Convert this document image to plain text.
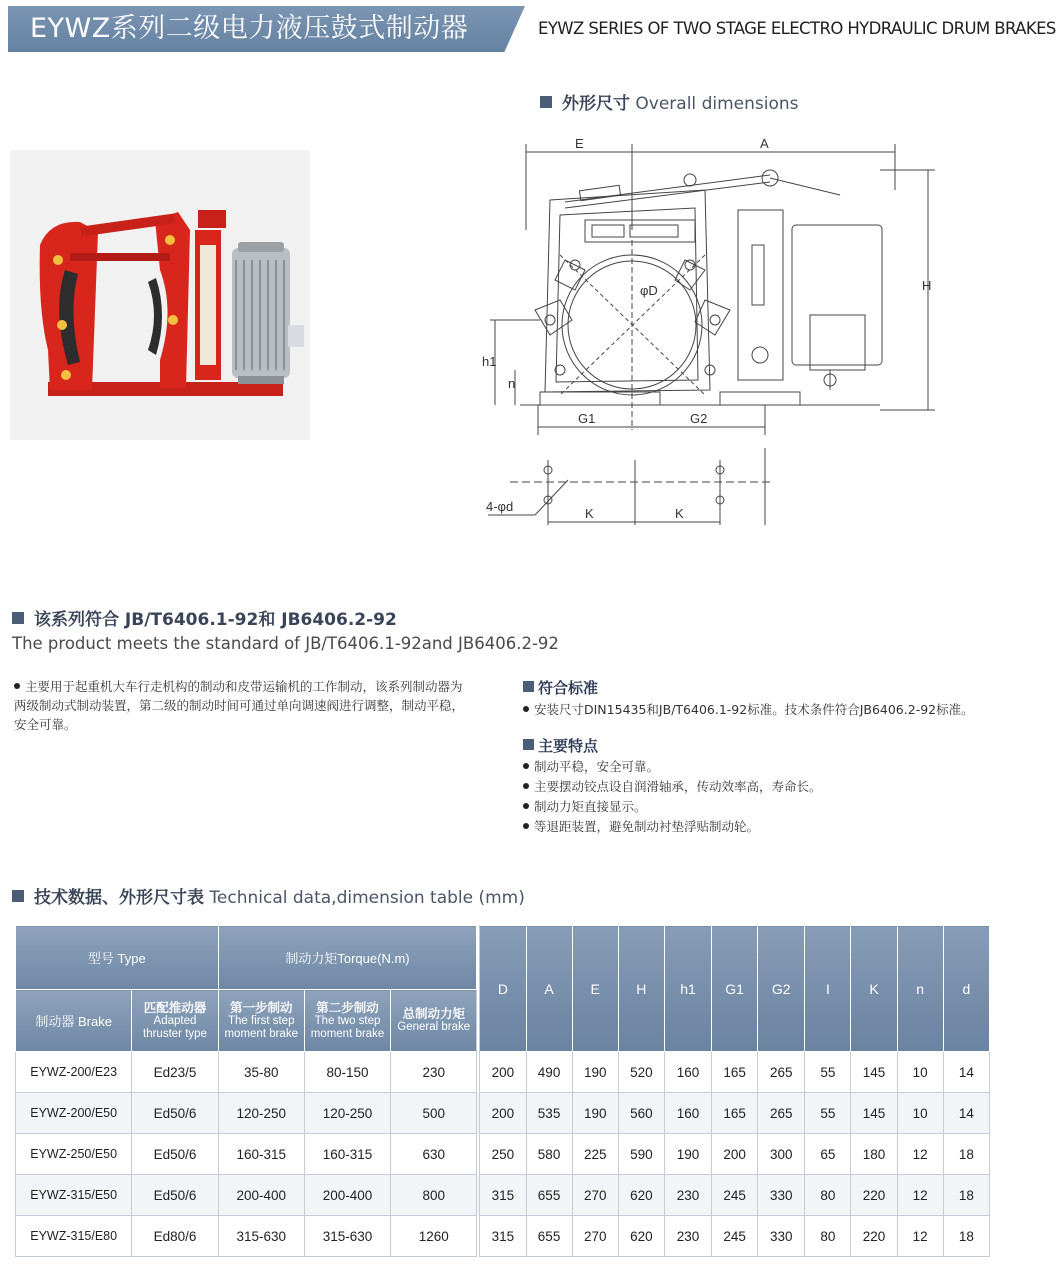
EYWZ系列二级电力液压鼓式制动器	EYWZ SERIES OF TWO STAGE ELECTRO HYDRAULIC DRUM BRAKES
外形尺寸 Overall dimensions
E	A
H
h1
n
G1	G2
φD
K	K
4-φd
该系列符合 JB/T6406.1-92和 JB6406.2-92
The product meets the standard of JB/T6406.1-92and JB6406.2-92
主要用于起重机大车行走机构的制动和皮带运输机的工作制动，该系列制动器为两级制动式制动装置，第二级的制动时间可通过单向调速阀进行调整，制动平稳，安全可靠。
符合标准
安装尺寸DIN15435和JB/T6406.1-92标准。技术条件符合JB6406.2-92标准。
主要特点
制动平稳，安全可靠。
主要摆动铰点设自润滑轴承，传动效率高，寿命长。
制动力矩直接显示。
等退距装置，避免制动衬垫浮贴制动轮。
技术数据、外形尺寸表 Technical data,dimension table (mm)
型号 Type		制动力矩Torque(N.m)				D	A	E	H	h1	G1	G2	I	K	n	d
制动器 Brake	匹配推动器
Adapted
thruster type	第一步制动
The first step
moment brake	第二步制动
The two step
moment brake	总制动力矩
General brake												

EYWZ-200/E23	Ed23/5	35-80	80-150	230		200	490	190	520	160	165	265	55	145	10	14
EYWZ-200/E50	Ed50/6	120-250	120-250	500		200	535	190	560	160	165	265	55	145	10	14
EYWZ-250/E50	Ed50/6	160-315	160-315	630		250	580	225	590	190	200	300	65	180	12	18
EYWZ-315/E50	Ed50/6	200-400	200-400	800		315	655	270	620	230	245	330	80	220	12	18
EYWZ-315/E80	Ed80/6	315-630	315-630	1260		315	655	270	620	230	245	330	80	220	12	18
